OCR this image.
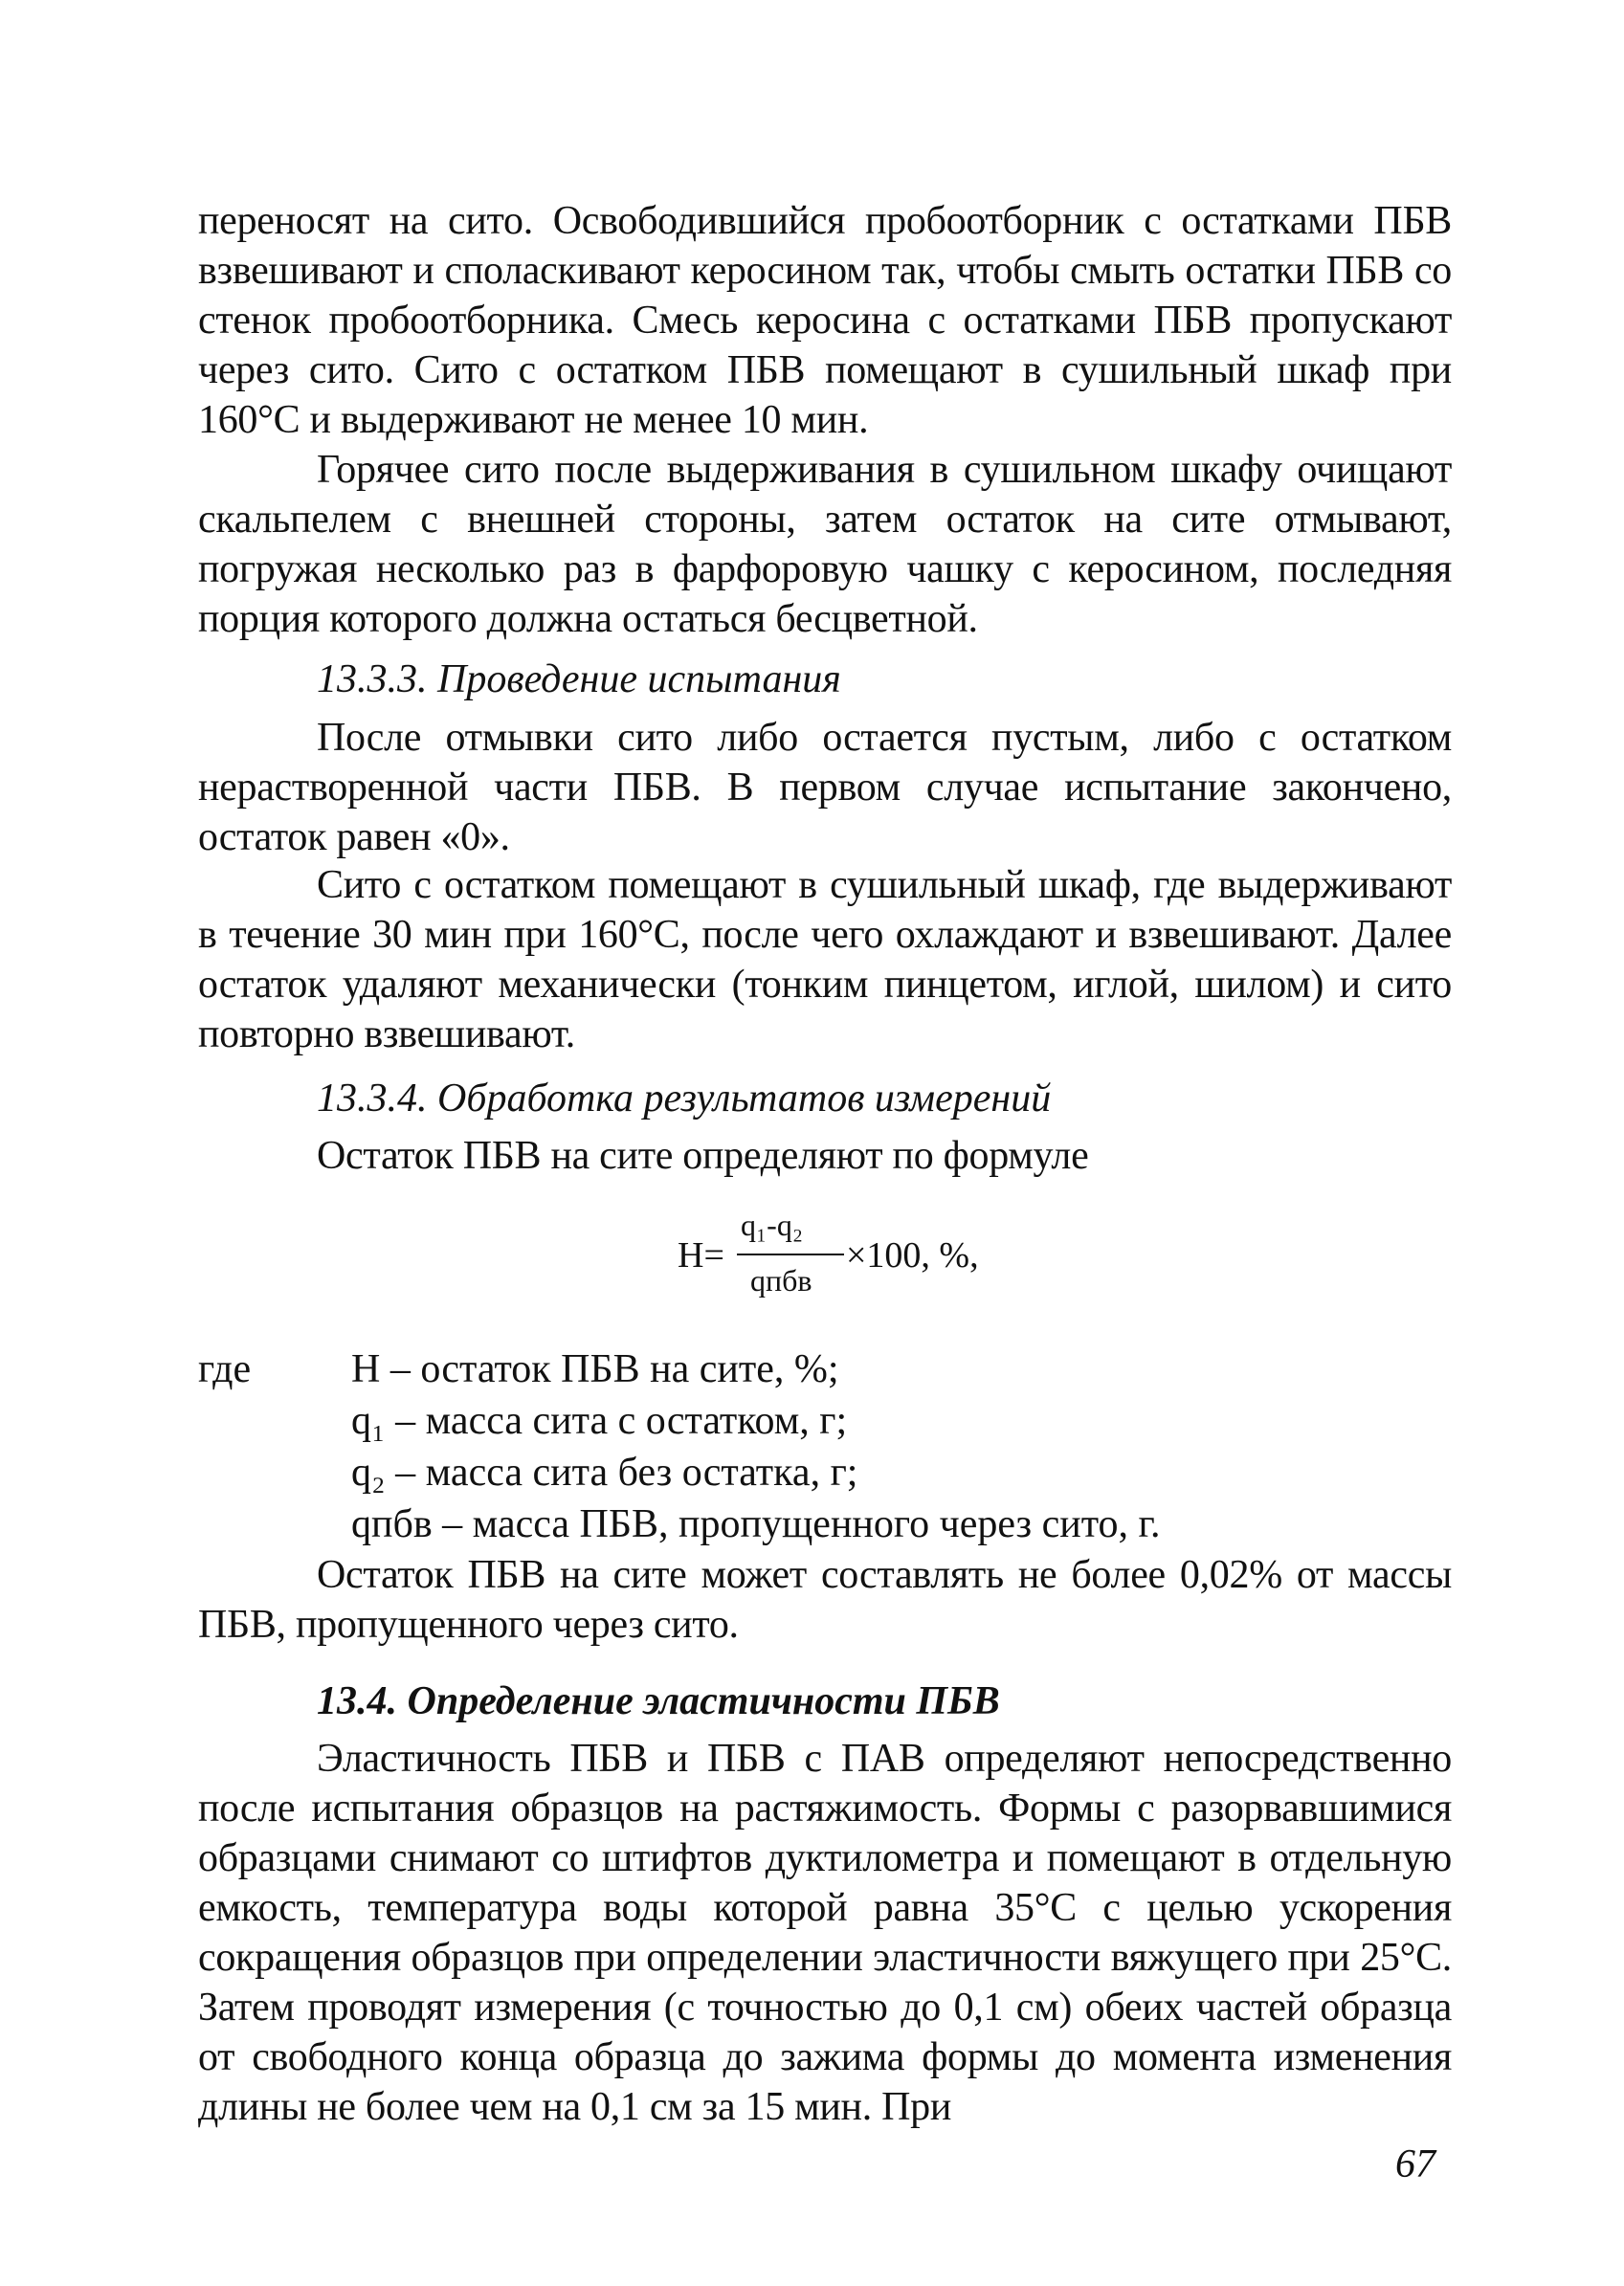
переносят на сито. Освободившийся пробоотборник с остатками ПБВ взвешивают и споласкивают керосином так, чтобы смыть остатки ПБВ со стенок пробоотборника. Смесь керосина с остатками ПБВ пропускают через сито. Сито с остатком ПБВ помещают в сушильный шкаф при 160°С и выдерживают не менее 10 мин.

Горячее сито после выдерживания в сушильном шкафу очищают скальпелем с внешней стороны, затем остаток на сите отмывают, погружая несколько раз в фарфоровую чашку с керосином, последняя порция которого должна остаться бесцветной.

13.3.3. Проведение испытания

После отмывки сито либо остается пустым, либо с остатком нерастворенной части ПБВ. В первом случае испытание закончено, остаток равен «0».

Сито с остатком помещают в сушильный шкаф, где выдерживают в течение 30 мин при 160°С, после чего охлаждают и взвешивают. Далее остаток удаляют механически (тонким пинцетом, иглой, шилом) и сито повторно взвешивают.

13.3.4. Обработка результатов измерений

Остаток ПБВ на сите определяют по формуле

Н=
q₁-q₂
×100, %,
qпбв
где Н – остаток ПБВ на сите, %;
q₁ – масса сита с остатком, г;
q₂ – масса сита без остатка, г;
qпбв – масса ПБВ, пропущенного через сито, г.

Остаток ПБВ на сите может составлять не более 0,02% от массы ПБВ, пропущенного через сито.

13.4. Определение эластичности ПБВ

Эластичность ПБВ и ПБВ с ПАВ определяют непосредственно после испытания образцов на растяжимость. Формы с разорвавшимися образцами снимают со штифтов дуктилометра и помещают в отдельную емкость, температура воды которой равна 35°С с целью ускорения сокращения образцов при определении эластичности вяжущего при 25°С. Затем проводят измерения (с точностью до 0,1 см) обеих частей образца от свободного конца образца до зажима формы до момента изменения длины не более чем на 0,1 см за 15 мин. При

67
